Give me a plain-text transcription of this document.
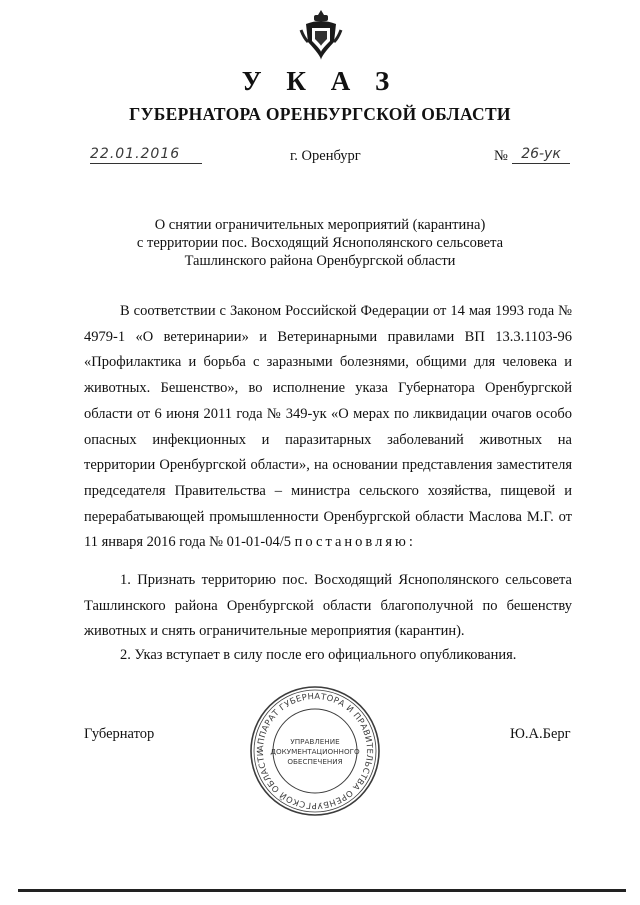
У К А З
ГУБЕРНАТОРА ОРЕНБУРГСКОЙ ОБЛАСТИ
22.01.2016	г. Оренбург	№ 26-ук
О снятии ограничительных мероприятий (карантина)
с территории пос. Восходящий Яснополянского сельсовета
Ташлинского района Оренбургской области

В соответствии с Законом Российской Федерации от 14 мая 1993 года № 4979-1 «О ветеринарии» и Ветеринарными правилами ВП 13.3.1103-96 «Профилактика и борьба с заразными болезнями, общими для человека и животных. Бешенство», во исполнение указа Губернатора Оренбургской области от 6 июня 2011 года № 349-ук «О мерах по ликвидации очагов особо опасных инфекционных и паразитарных заболеваний животных на территории Оренбургской области», на основании представления заместителя председателя Правительства – министра сельского хозяйства, пищевой и перерабатывающей промышленности Оренбургской области Маслова М.Г. от 11 января 2016 года № 01-01-04/5 постановляю:

1. Признать территорию пос. Восходящий Яснополянского сельсовета Ташлинского района Оренбургской области благополучной по бешенству животных и снять ограничительные мероприятия (карантин).

2. Указ вступает в силу после его официального опубликования.

Губернатор	Ю.А.Берг
АППАРАТ ГУБЕРНАТОРА И ПРАВИТЕЛЬСТВА ОРЕНБУРГСКОЙ ОБЛАСТИ
УПРАВЛЕНИЕ
ДОКУМЕНТАЦИОННОГО
ОБЕСПЕЧЕНИЯ
